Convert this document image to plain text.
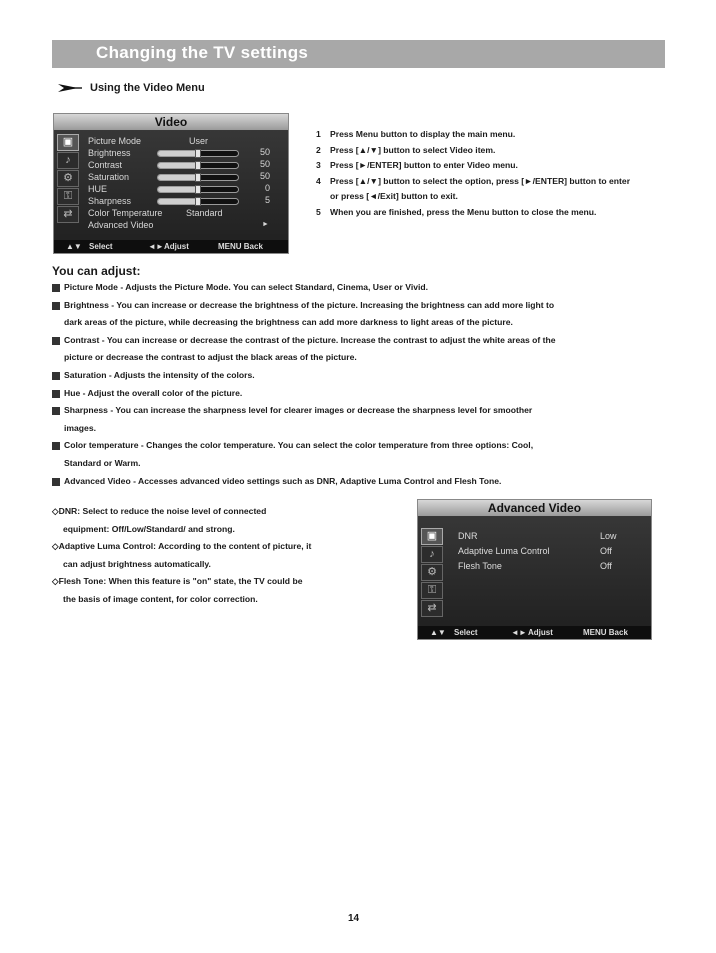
Changing the TV settings
Using the Video Menu
Video
▣
♪
⚙
⚿
⇄
Picture Mode	User
Brightness	50
Contrast	50
Saturation	50
HUE	0
Sharpness	5
Color Temperature	Standard
Advanced Video	►
▲▼ Select	◄► Adjust	MENU Back
1 Press Menu button to display the main menu.
2 Press [▲/▼] button to select Video item.
3 Press [►/ENTER] button to enter Video menu.
4 Press [▲/▼] button to select the option, press [►/ENTER] button to enter
or press [◄/Exit] button to exit.
5 When you are finished, press the Menu button to close the menu.
You can adjust:
Picture Mode - Adjusts the Picture Mode. You can select Standard, Cinema, User or Vivid.
Brightness - You can increase or decrease the brightness of the picture. Increasing the brightness can add more light to
dark areas of the picture, while decreasing the brightness can add more darkness to light areas of the picture.
Contrast - You can increase or decrease the contrast of the picture. Increase the contrast to adjust the white areas of the
picture or decrease the contrast to adjust the black areas of the picture.
Saturation - Adjusts the intensity of the colors.
Hue - Adjust the overall color of the picture.
Sharpness - You can increase the sharpness level for clearer images or decrease the sharpness level for smoother
images.
Color temperature - Changes the color temperature. You can select the color temperature from three options: Cool,
Standard or Warm.
Advanced Video - Accesses advanced video settings such as DNR, Adaptive Luma Control and Flesh Tone.
◇DNR: Select to reduce the noise level of connected
equipment: Off/Low/Standard/ and strong.
◇Adaptive Luma Control: According to the content of picture, it
can adjust brightness automatically.
◇Flesh Tone: When this feature is "on" state, the TV could be
the basis of image content, for color correction.
Advanced Video
▣
♪
⚙
⚿
⇄
DNR	Low
Adaptive Luma Control	Off
Flesh Tone	Off
▲▼ Select	◄► Adjust	MENU Back
14
